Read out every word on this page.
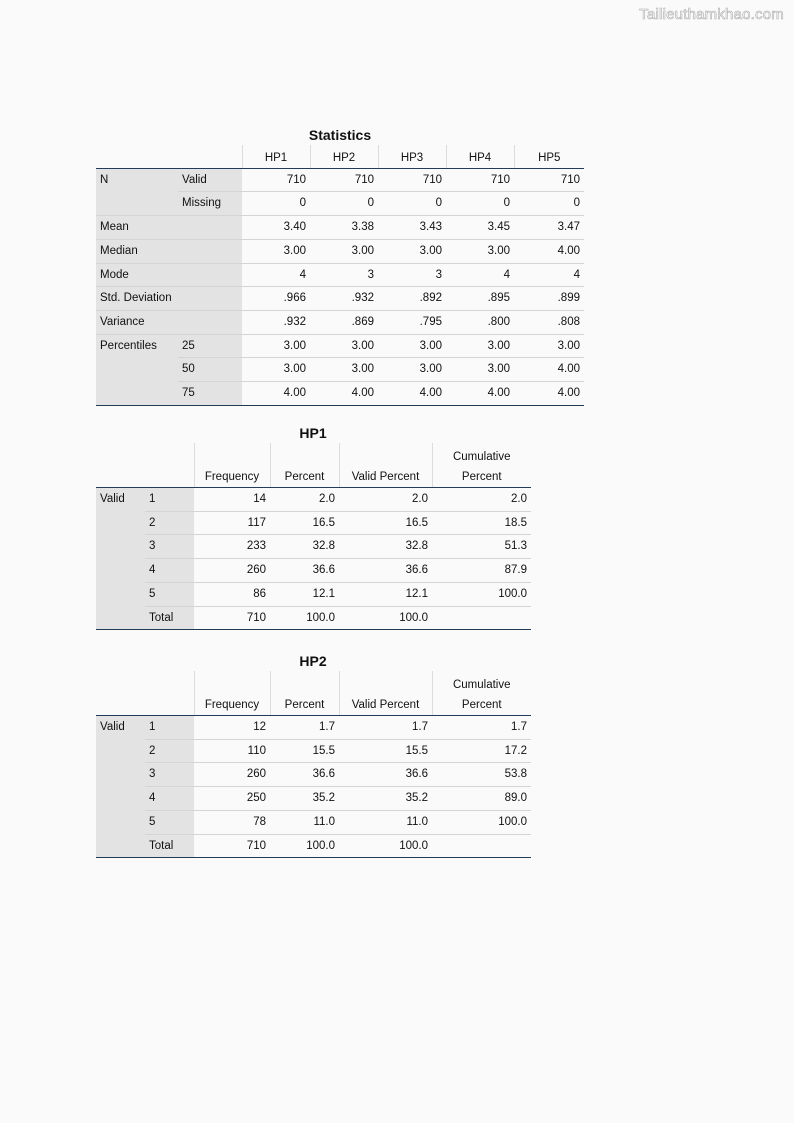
Tailieuthamkhao.com
Statistics
		HP1	HP2	HP3	HP4	HP5
N	Valid	710	710	710	710	710
	Missing	0	0	0	0	0
Mean		3.40	3.38	3.43	3.45	3.47
Median		3.00	3.00	3.00	3.00	4.00
Mode		4	3	3	4	4
Std. Deviation		.966	.932	.892	.895	.899
Variance		.932	.869	.795	.800	.808
Percentiles	25	3.00	3.00	3.00	3.00	3.00
	50	3.00	3.00	3.00	3.00	4.00
	75	4.00	4.00	4.00	4.00	4.00
HP1
		Frequency	Percent	Valid Percent	Cumulative
Percent

Valid	1	14	2.0	2.0	2.0
	2	117	16.5	16.5	18.5
	3	233	32.8	32.8	51.3
	4	260	36.6	36.6	87.9
	5	86	12.1	12.1	100.0
	Total	710	100.0	100.0	
HP2
		Frequency	Percent	Valid Percent	Cumulative
Percent

Valid	1	12	1.7	1.7	1.7
	2	110	15.5	15.5	17.2
	3	260	36.6	36.6	53.8
	4	250	35.2	35.2	89.0
	5	78	11.0	11.0	100.0
	Total	710	100.0	100.0	
